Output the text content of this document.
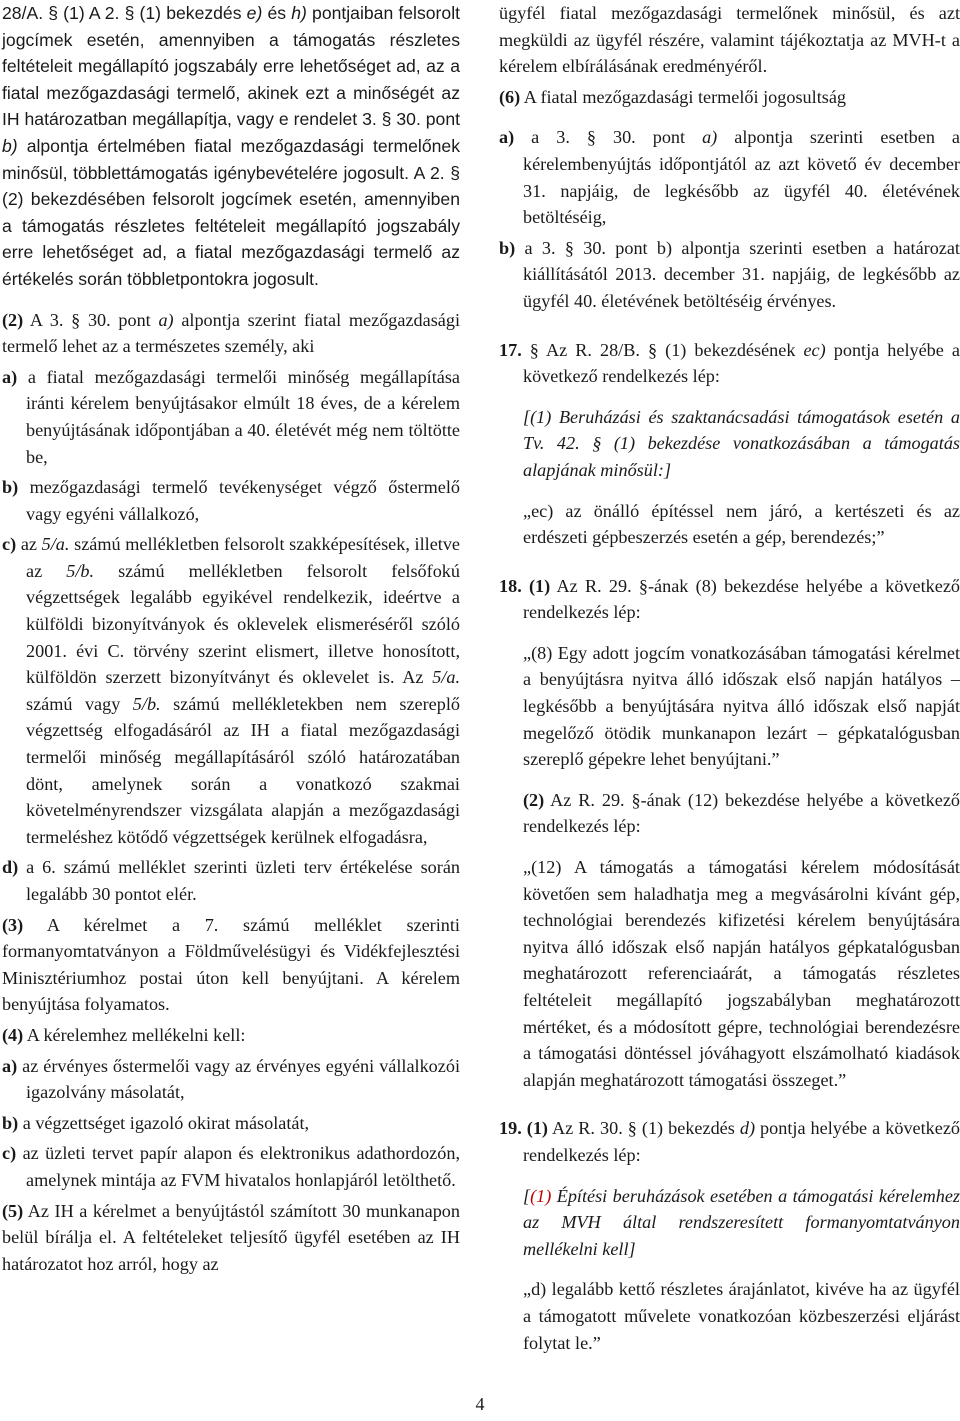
28/A. § (1) A 2. § (1) bekezdés e) és h) pontjaiban felsorolt jogcímek esetén, amennyiben a támogatás részletes feltételeit megállapító jogszabály erre lehetőséget ad, az a fiatal mezőgazdasági termelő, akinek ezt a minőségét az IH határozatban megállapítja, vagy e rendelet 3. § 30. pont b) alpontja értelmében fiatal mezőgazdasági termelőnek minősül, többlettámogatás igénybevételére jogosult. A 2. § (2) bekezdésében felsorolt jogcímek esetén, amennyiben a támogatás részletes feltételeit megállapító jogszabály erre lehetőséget ad, a fiatal mezőgazdasági termelő az értékelés során többletpontokra jogosult.

(2) A 3. § 30. pont a) alpontja szerint fiatal mezőgazdasági termelő lehet az a természetes személy, aki

a) a fiatal mezőgazdasági termelői minőség megállapítása iránti kérelem benyújtásakor elmúlt 18 éves, de a kérelem benyújtásának időpontjában a 40. életévét még nem töltötte be,

b) mezőgazdasági termelő tevékenységet végző őstermelő vagy egyéni vállalkozó,

c) az 5/a. számú mellékletben felsorolt szakképesítések, illetve az 5/b. számú mellékletben felsorolt felsőfokú végzettségek legalább egyikével rendelkezik, ideértve a külföldi bizonyítványok és oklevelek elismeréséről szóló 2001. évi C. törvény szerint elismert, illetve honosított, külföldön szerzett bizonyítványt és oklevelet is. Az 5/a. számú vagy 5/b. számú mellékletekben nem szereplő végzettség elfogadásáról az IH a fiatal mezőgazdasági termelői minőség megállapításáról szóló határozatában dönt, amelynek során a vonatkozó szakmai követelményrendszer vizsgálata alapján a mezőgazdasági termeléshez kötődő végzettségek kerülnek elfogadásra,

d) a 6. számú melléklet szerinti üzleti terv értékelése során legalább 30 pontot elér.

(3) A kérelmet a 7. számú melléklet szerinti formanyomtatványon a Földművelésügyi és Vidékfejlesztési Minisztériumhoz postai úton kell benyújtani. A kérelem benyújtása folyamatos.

(4) A kérelemhez mellékelni kell:

a) az érvényes őstermelői vagy az érvényes egyéni vállalkozói igazolvány másolatát,

b) a végzettséget igazoló okirat másolatát,

c) az üzleti tervet papír alapon és elektronikus adathordozón, amelynek mintája az FVM hivatalos honlapjáról letölthető.

(5) Az IH a kérelmet a benyújtástól számított 30 munkanapon belül bírálja el. A feltételeket teljesítő ügyfél esetében az IH határozatot hoz arról, hogy az

ügyfél fiatal mezőgazdasági termelőnek minősül, és azt megküldi az ügyfél részére, valamint tájékoztatja az MVH-t a kérelem elbírálásának eredményéről.

(6) A fiatal mezőgazdasági termelői jogosultság

a) a 3. § 30. pont a) alpontja szerinti esetben a kérelembenyújtás időpontjától az azt követő év december 31. napjáig, de legkésőbb az ügyfél 40. életévének betöltéséig,

b) a 3. § 30. pont b) alpontja szerinti esetben a határozat kiállításától 2013. december 31. napjáig, de legkésőbb az ügyfél 40. életévének betöltéséig érvényes.

17. § Az R. 28/B. § (1) bekezdésének ec) pontja helyébe a következő rendelkezés lép:

[(1) Beruházási és szaktanácsadási támogatások esetén a Tv. 42. § (1) bekezdése vonatkozásában a támogatás alapjának minősül:]

„ec) az önálló építéssel nem járó, a kertészeti és az erdészeti gépbeszerzés esetén a gép, berendezés;”

18. (1) Az R. 29. §-ának (8) bekezdése helyébe a következő rendelkezés lép:

„(8) Egy adott jogcím vonatkozásában támogatási kérelmet a benyújtásra nyitva álló időszak első napján hatályos – legkésőbb a benyújtására nyitva álló időszak első napját megelőző ötödik munkanapon lezárt – gépkatalógusban szereplő gépekre lehet benyújtani.”

(2) Az R. 29. §-ának (12) bekezdése helyébe a következő rendelkezés lép:

„(12) A támogatás a támogatási kérelem módosítását követően sem haladhatja meg a megvásárolni kívánt gép, technológiai berendezés kifizetési kérelem benyújtására nyitva álló időszak első napján hatályos gépkatalógusban meghatározott referenciaárát, a támogatás részletes feltételeit megállapító jogszabályban meghatározott mértéket, és a módosított gépre, technológiai berendezésre a támogatási döntéssel jóváhagyott elszámolható kiadások alapján meghatározott támogatási összeget.”

19. (1) Az R. 30. § (1) bekezdés d) pontja helyébe a következő rendelkezés lép:

[(1) Építési beruházások esetében a támogatási kérelemhez az MVH által rendszeresített formanyomtatványon mellékelni kell]

„d) legalább kettő részletes árajánlatot, kivéve ha az ügyfél a támogatott művelete vonatkozóan közbeszerzési eljárást folytat le.”

4
